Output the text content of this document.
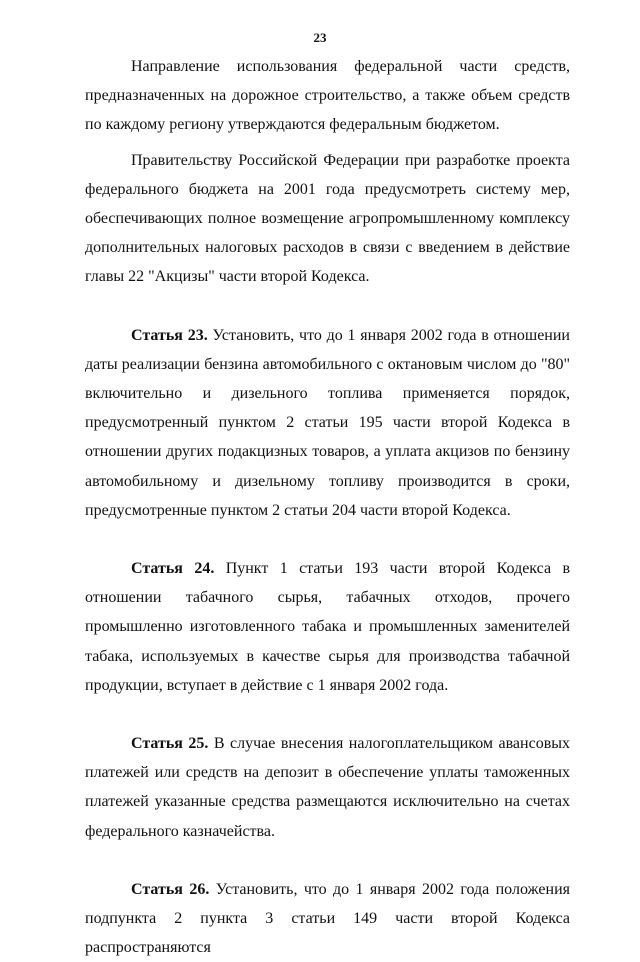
23

Направление использования федеральной части средств, предназначенных на дорожное строительство, а также объем средств по каждому региону утверждаются федеральным бюджетом.

Правительству Российской Федерации при разработке проекта федерального бюджета на 2001 года предусмотреть систему мер, обеспечивающих полное возмещение агропромышленному комплексу дополнительных налоговых расходов в связи с введением в действие главы 22 "Акцизы" части второй Кодекса.

Статья 23. Установить, что до 1 января 2002 года в отношении даты реализации бензина автомобильного с октановым числом до "80" включительно и дизельного топлива применяется порядок, предусмотренный пунктом 2 статьи 195 части второй Кодекса в отношении других подакцизных товаров, а уплата акцизов по бензину автомобильному и дизельному топливу производится в сроки, предусмотренные пунктом 2 статьи 204 части второй Кодекса.

Статья 24. Пункт 1 статьи 193 части второй Кодекса в отношении табачного сырья, табачных отходов, прочего промышленно изготовленного табака и промышленных заменителей табака, используемых в качестве сырья для производства табачной продукции, вступает в действие с 1 января 2002 года.

Статья 25. В случае внесения налогоплательщиком авансовых платежей или средств на депозит в обеспечение уплаты таможенных платежей указанные средства размещаются исключительно на счетах федерального казначейства.

Статья 26. Установить, что до 1 января 2002 года положения подпункта 2 пункта 3 статьи 149 части второй Кодекса распространяются
